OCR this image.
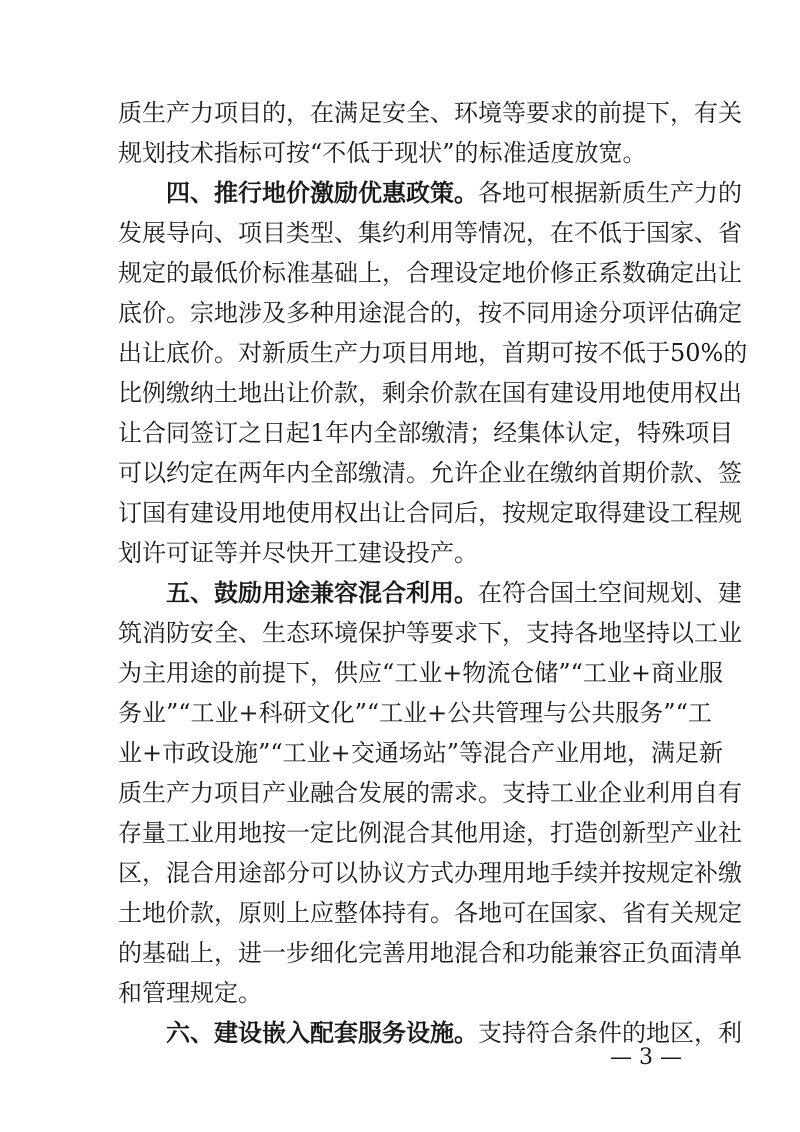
质生产力项目的，在满足安全、环境等要求的前提下，有关
规划技术指标可按“不低于现状”的标准适度放宽。
四、推行地价激励优惠政策。各地可根据新质生产力的
发展导向、项目类型、集约利用等情况，在不低于国家、省
规定的最低价标准基础上，合理设定地价修正系数确定出让
底价。宗地涉及多种用途混合的，按不同用途分项评估确定
出让底价。对新质生产力项目用地，首期可按不低于50%的
比例缴纳土地出让价款，剩余价款在国有建设用地使用权出
让合同签订之日起1年内全部缴清；经集体认定，特殊项目
可以约定在两年内全部缴清。允许企业在缴纳首期价款、签
订国有建设用地使用权出让合同后，按规定取得建设工程规
划许可证等并尽快开工建设投产。
五、鼓励用途兼容混合利用。在符合国土空间规划、建
筑消防安全、生态环境保护等要求下，支持各地坚持以工业
为主用途的前提下，供应“工业+物流仓储”“工业+商业服
务业”“工业+科研文化”“工业+公共管理与公共服务”“工
业+市政设施”“工业+交通场站”等混合产业用地，满足新
质生产力项目产业融合发展的需求。支持工业企业利用自有
存量工业用地按一定比例混合其他用途，打造创新型产业社
区，混合用途部分可以协议方式办理用地手续并按规定补缴
土地价款，原则上应整体持有。各地可在国家、省有关规定
的基础上，进一步细化完善用地混合和功能兼容正负面清单
和管理规定。
六、建设嵌入配套服务设施。支持符合条件的地区，利
— 3 —
